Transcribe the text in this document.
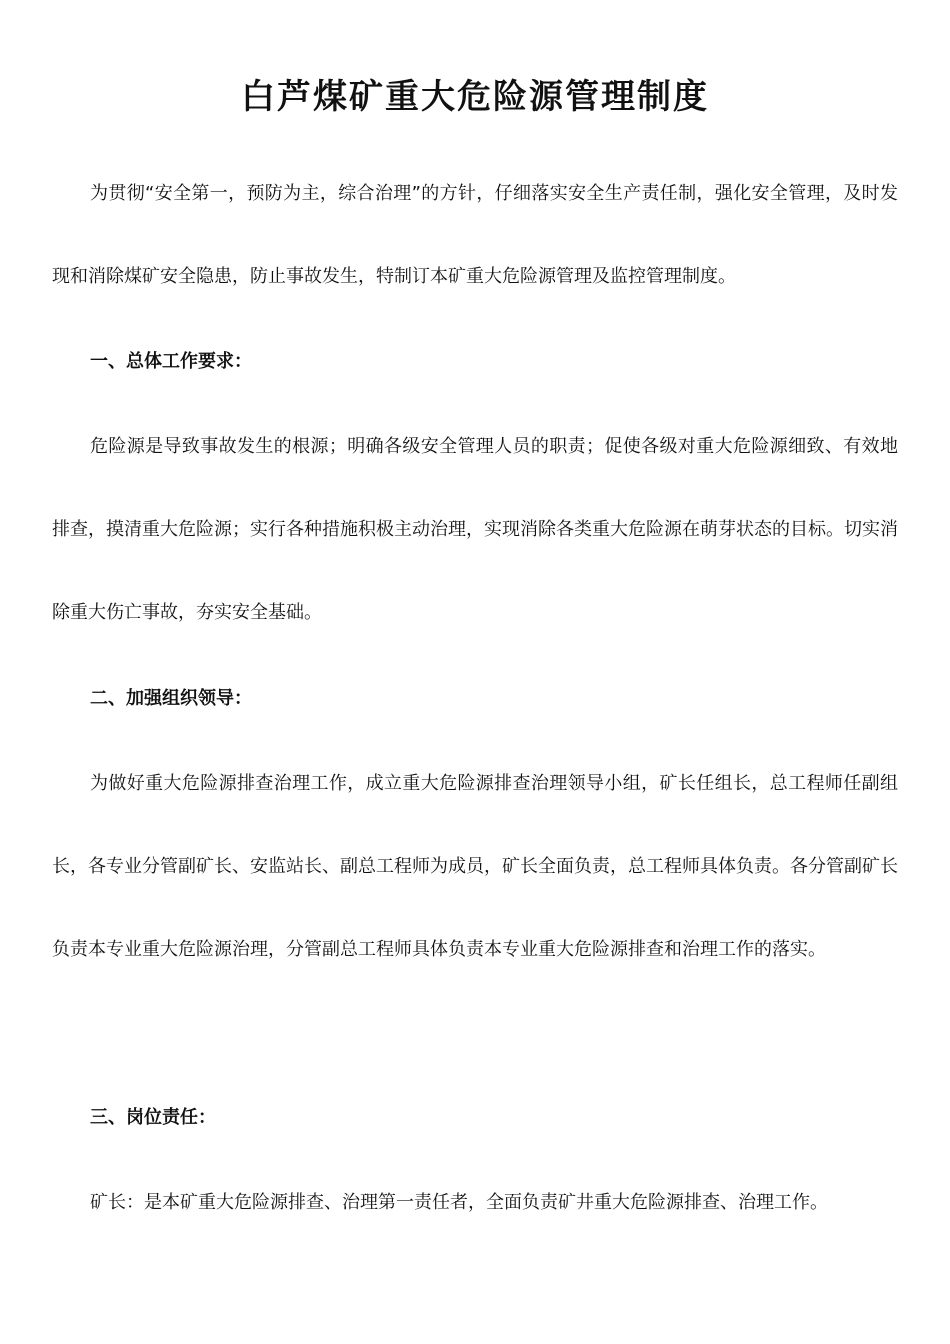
白芦煤矿重大危险源管理制度

为贯彻“安全第一，预防为主，综合治理”的方针，仔细落实安全生产责任制，强化安全管理，及时发现和消除煤矿安全隐患，防止事故发生，特制订本矿重大危险源管理及监控管理制度。

一、总体工作要求：

危险源是导致事故发生的根源；明确各级安全管理人员的职责；促使各级对重大危险源细致、有效地排查，摸清重大危险源；实行各种措施积极主动治理，实现消除各类重大危险源在萌芽状态的目标。切实消除重大伤亡事故，夯实安全基础。

二、加强组织领导：

为做好重大危险源排查治理工作，成立重大危险源排查治理领导小组，矿长任组长，总工程师任副组长，各专业分管副矿长、安监站长、副总工程师为成员，矿长全面负责，总工程师具体负责。各分管副矿长负责本专业重大危险源治理，分管副总工程师具体负责本专业重大危险源排查和治理工作的落实。

三、岗位责任：

矿长：是本矿重大危险源排查、治理第一责任者，全面负责矿井重大危险源排查、治理工作。
